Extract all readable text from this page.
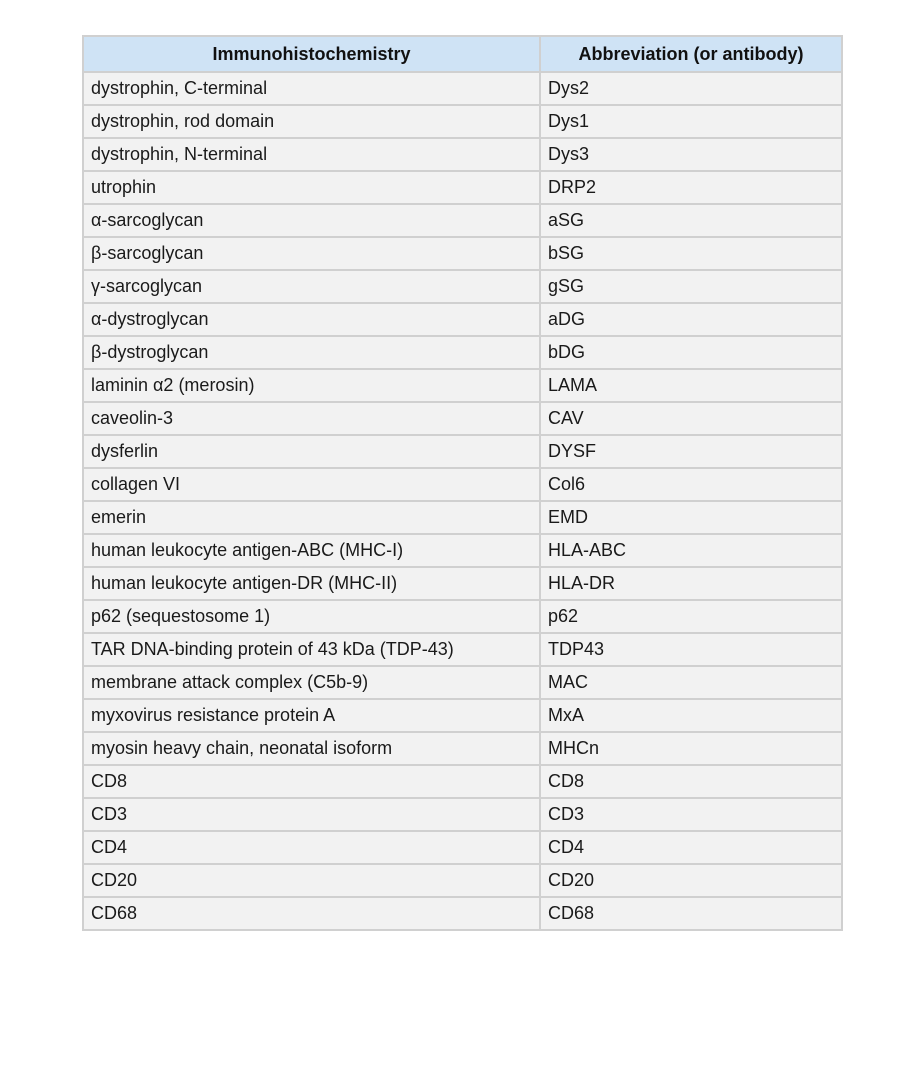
Immunohistochemistry	Abbreviation (or antibody)
dystrophin, C-terminal	Dys2
dystrophin, rod domain	Dys1
dystrophin, N-terminal	Dys3
utrophin	DRP2
α-sarcoglycan	aSG
β-sarcoglycan	bSG
γ-sarcoglycan	gSG
α-dystroglycan	aDG
β-dystroglycan	bDG
laminin α2 (merosin)	LAMA
caveolin-3	CAV
dysferlin	DYSF
collagen VI	Col6
emerin	EMD
human leukocyte antigen-ABC (MHC-I)	HLA-ABC
human leukocyte antigen-DR (MHC-II)	HLA-DR
p62 (sequestosome 1)	p62
TAR DNA-binding protein of 43 kDa (TDP-43)	TDP43
membrane attack complex (C5b-9)	MAC
myxovirus resistance protein A	MxA
myosin heavy chain, neonatal isoform	MHCn
CD8	CD8
CD3	CD3
CD4	CD4
CD20	CD20
CD68	CD68
